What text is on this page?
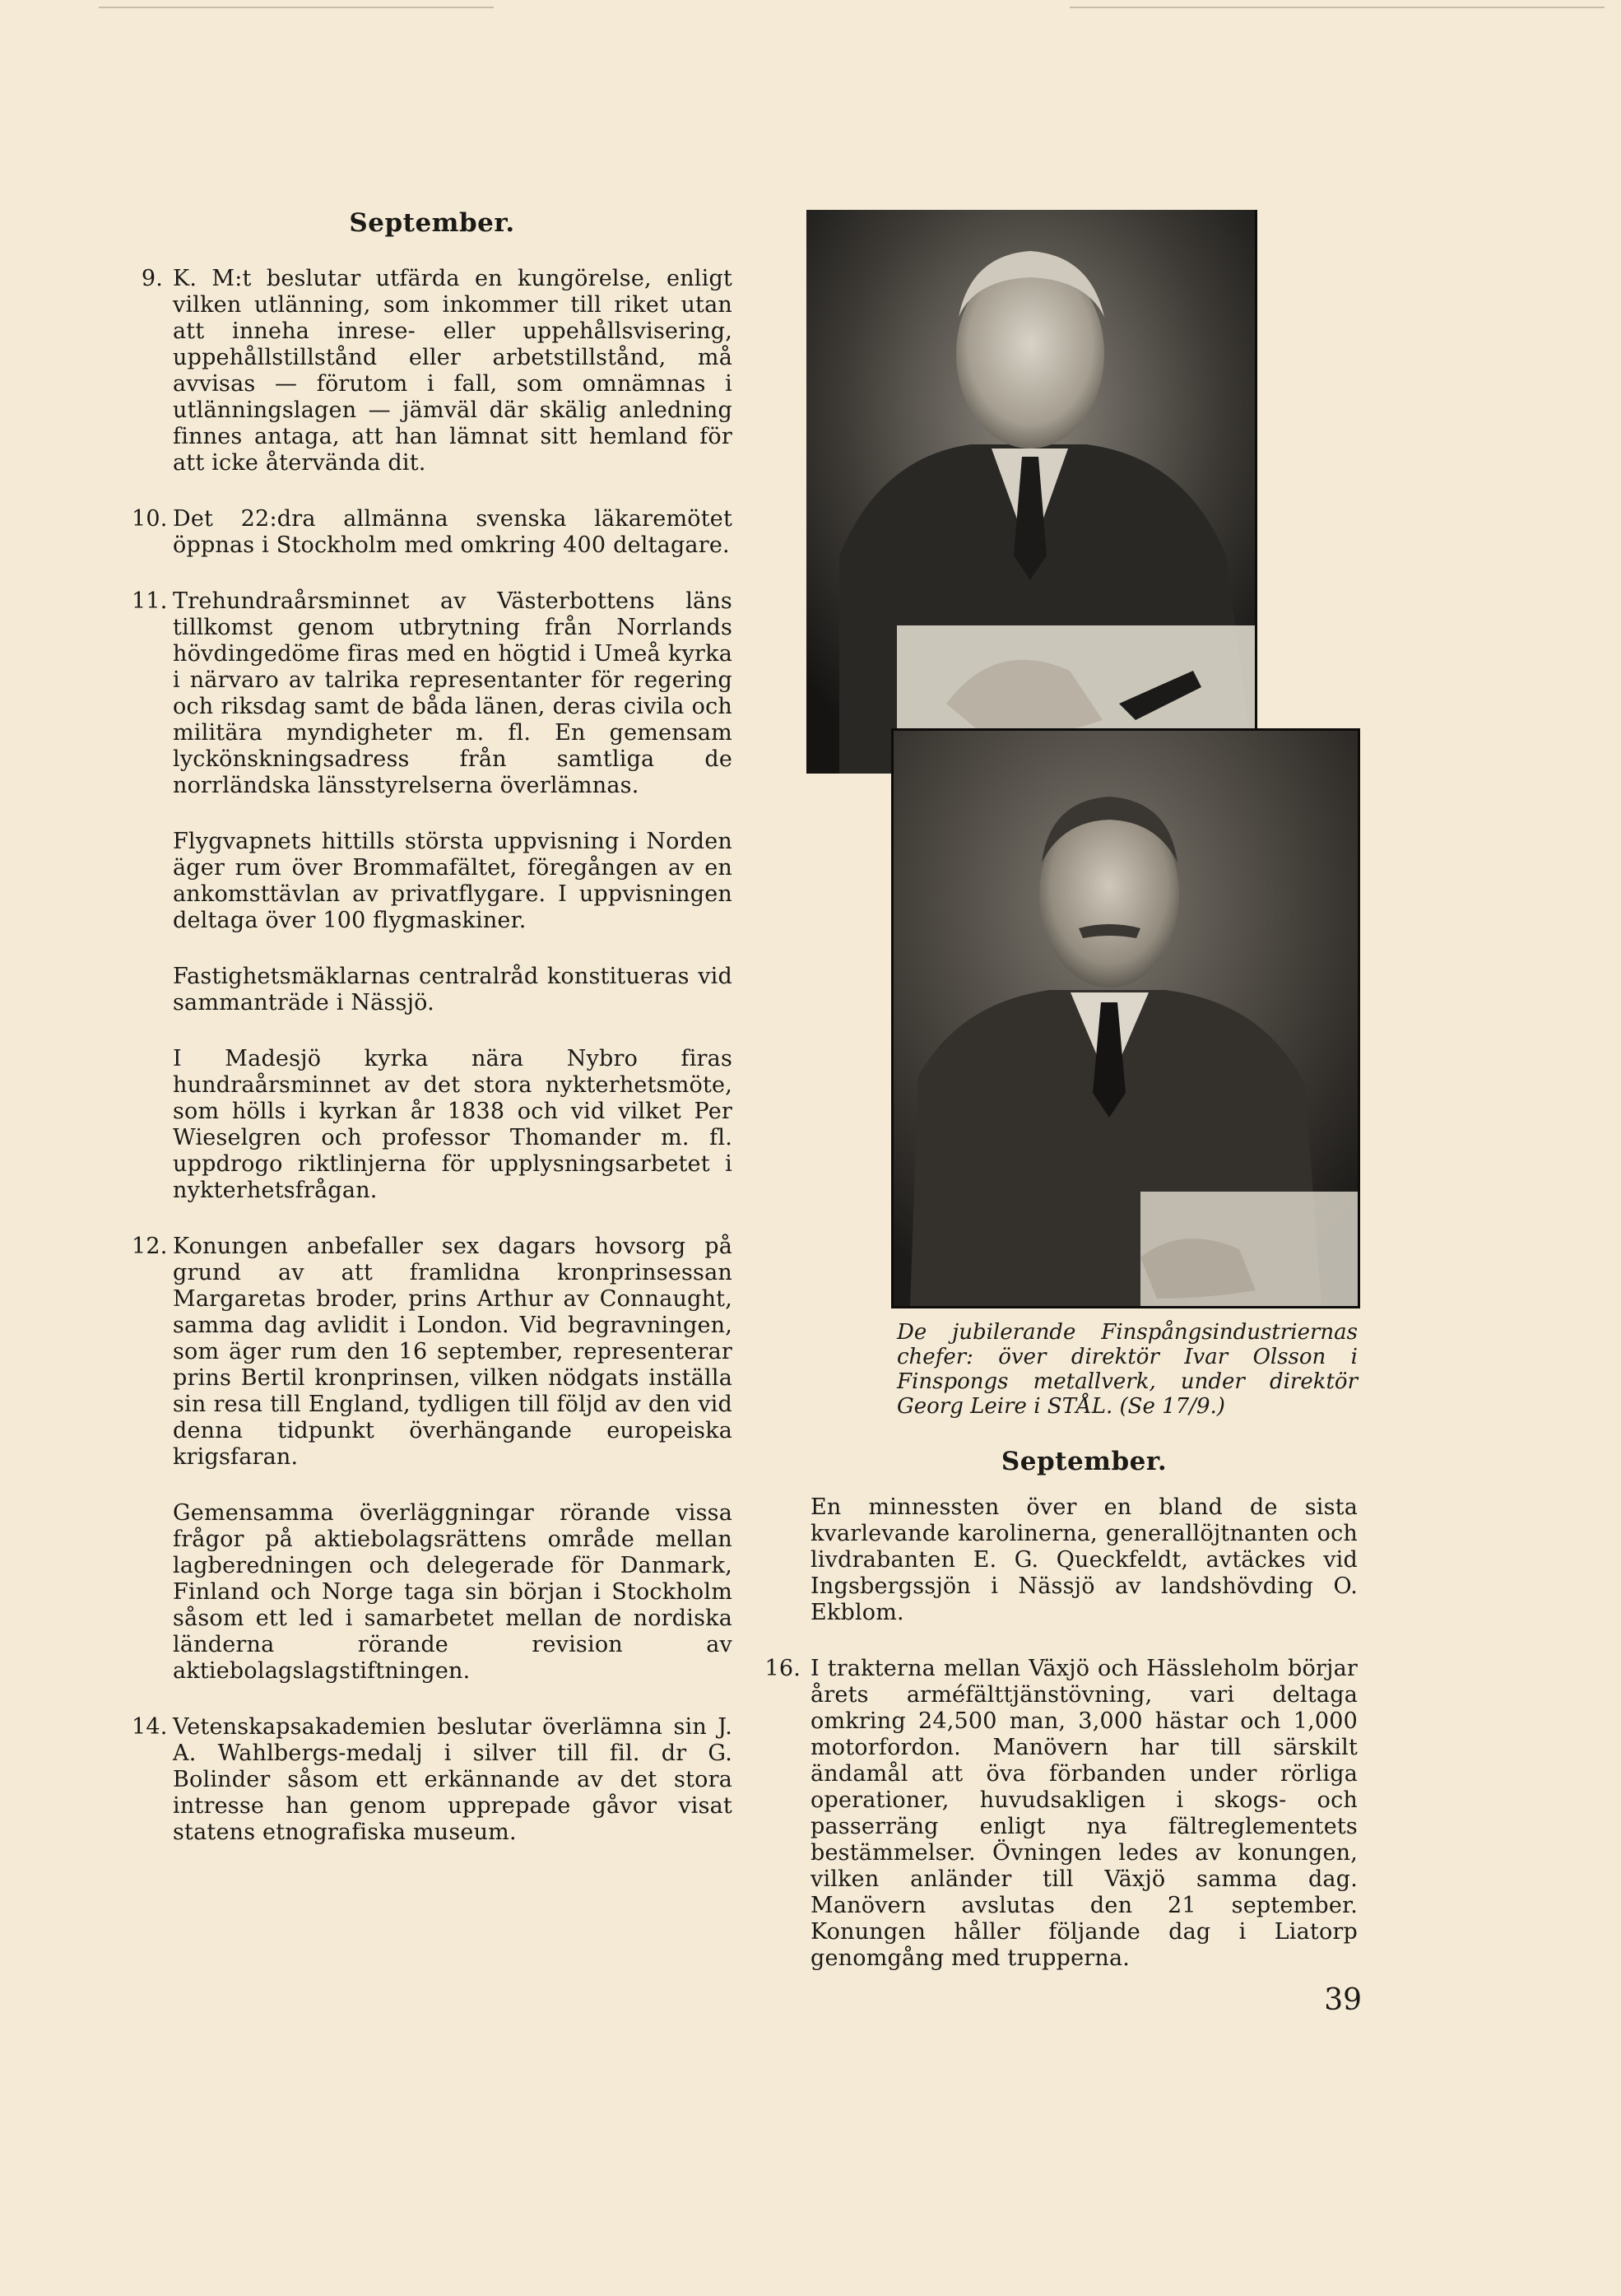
September.
9. K. M:t beslutar utfärda en kungörelse, enligt vilken utlänning, som inkommer till riket utan att inneha inrese- eller uppehållsvisering, uppehållstillstånd eller arbetstillstånd, må avvisas — förutom i fall, som omnämnas i utlänningslagen — jämväl där skälig anledning finnes antaga, att han lämnat sitt hemland för att icke återvända dit.
10. Det 22:dra allmänna svenska läkaremötet öppnas i Stockholm med omkring 400 deltagare.
11. Trehundraårsminnet av Västerbottens läns tillkomst genom utbrytning från Norrlands hövdingedöme firas med en högtid i Umeå kyrka i närvaro av talrika representanter för regering och riksdag samt de båda länen, deras civila och militära myndigheter m. fl. En gemensam lyckönskningsadress från samtliga de norrländska länsstyrelserna överlämnas.
Flygvapnets hittills största uppvisning i Norden äger rum över Brommafältet, föregången av en ankomsttävlan av privatflygare. I uppvisningen deltaga över 100 flygmaskiner.
Fastighetsmäklarnas centralråd konstitueras vid sammanträde i Nässjö.
I Madesjö kyrka nära Nybro firas hundraårsminnet av det stora nykterhetsmöte, som hölls i kyrkan år 1838 och vid vilket Per Wieselgren och professor Thomander m. fl. uppdrogo riktlinjerna för upplysningsarbetet i nykterhetsfrågan.
12. Konungen anbefaller sex dagars hovsorg på grund av att framlidna kronprinsessan Margaretas broder, prins Arthur av Connaught, samma dag avlidit i London. Vid begravningen, som äger rum den 16 september, representerar prins Bertil kronprinsen, vilken nödgats inställa sin resa till England, tydligen till följd av den vid denna tidpunkt överhängande europeiska krigsfaran.
Gemensamma överläggningar rörande vissa frågor på aktiebolagsrättens område mellan lagberedningen och delegerade för Danmark, Finland och Norge taga sin början i Stockholm såsom ett led i samarbetet mellan de nordiska länderna rörande revision av aktiebolagslagstiftningen.
14. Vetenskapsakademien beslutar överlämna sin J. A. Wahlbergs-medalj i silver till fil. dr G. Bolinder såsom ett erkännande av det stora intresse han genom upprepade gåvor visat statens etnografiska museum.
De jubilerande Finspångsindustriernas chefer: över direktör Ivar Olsson i Finspongs metallverk, under direktör Georg Leire i STÅL. (Se 17/9.)
September.
En minnessten över en bland de sista kvarlevande karolinerna, generallöjtnanten och livdrabanten E. G. Queckfeldt, avtäckes vid Ingsbergssjön i Nässjö av landshövding O. Ekblom.
16. I trakterna mellan Växjö och Hässleholm börjar årets arméfälttjänstövning, vari deltaga omkring 24,500 man, 3,000 hästar och 1,000 motorfordon. Manövern har till särskilt ändamål att öva förbanden under rörliga operationer, huvudsakligen i skogs- och passerräng enligt nya fältreglementets bestämmelser. Övningen ledes av konungen, vilken anländer till Växjö samma dag. Manövern avslutas den 21 september. Konungen håller följande dag i Liatorp genomgång med trupperna.
39
